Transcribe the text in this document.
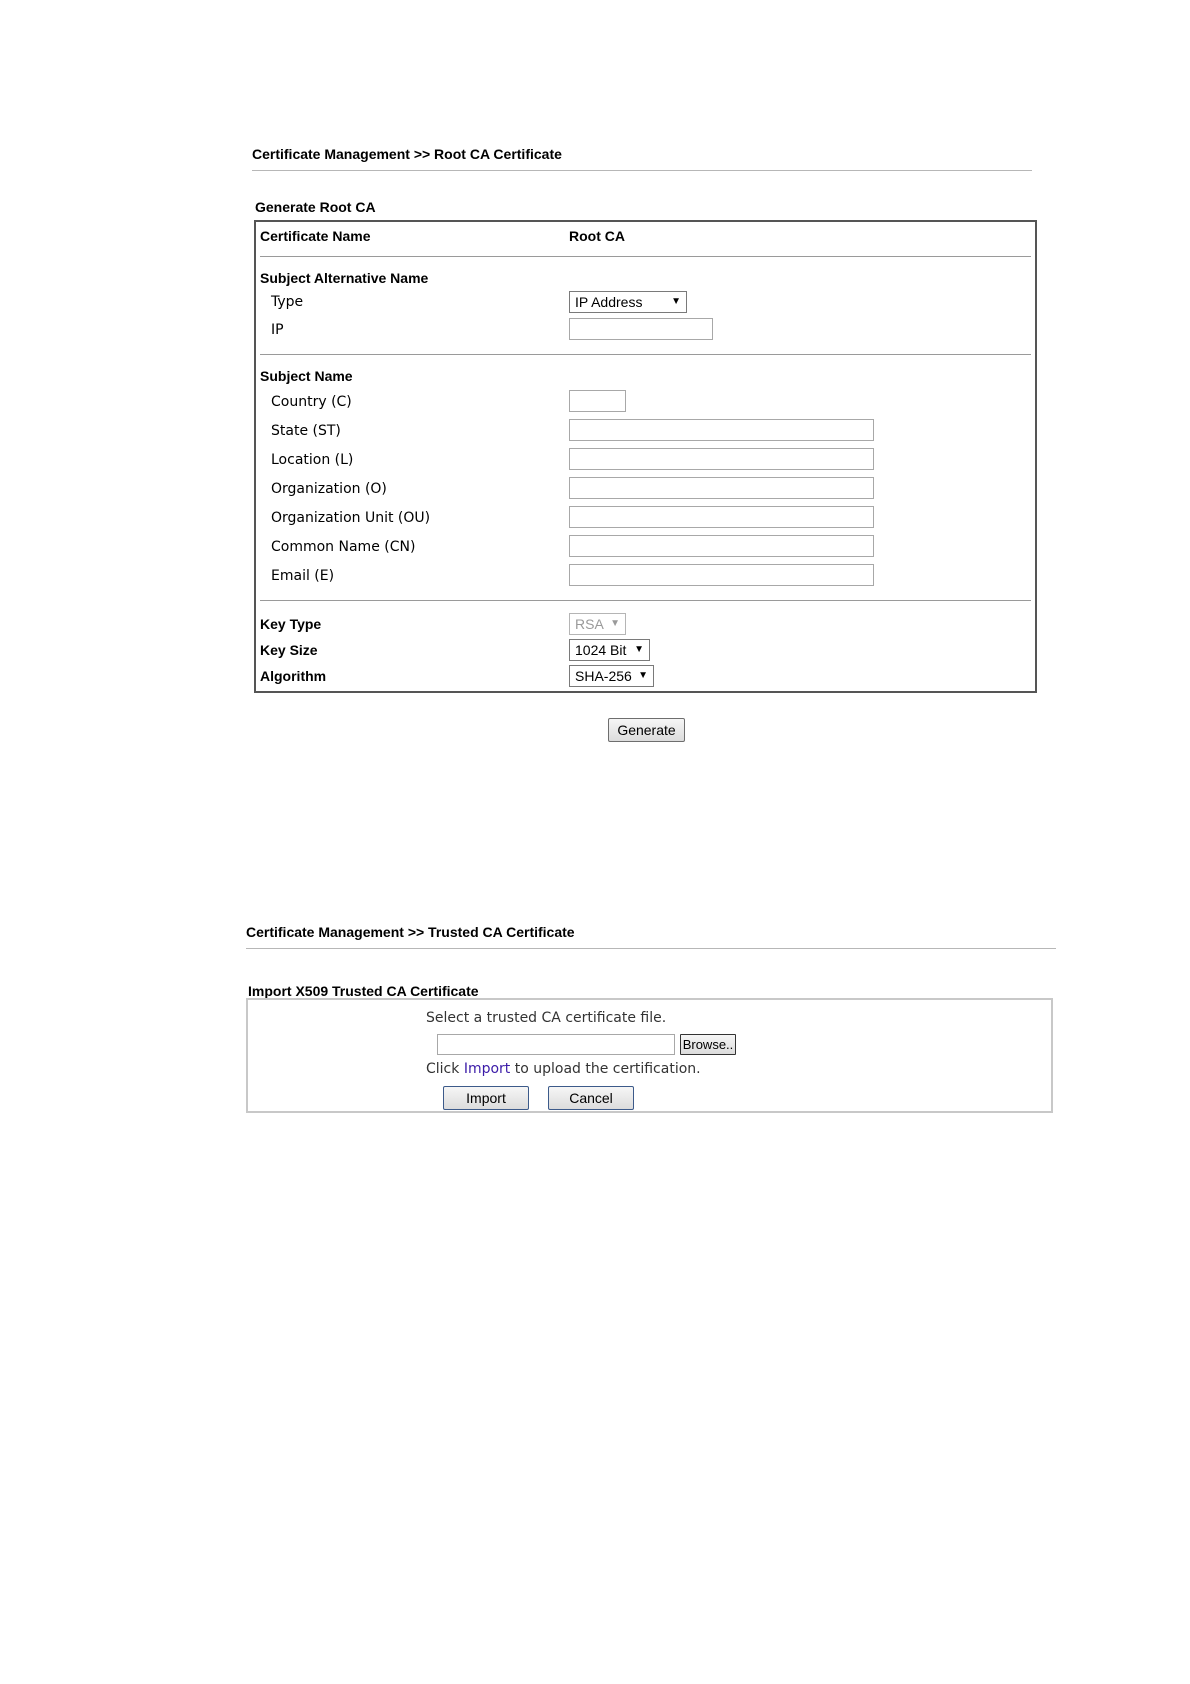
Certificate Management >> Root CA Certificate
Generate Root CA
Certificate Name	Root CA
Subject Alternative Name
Type	IP Address	▼
IP
Subject Name
Country (C)
State (ST)
Location (L)
Organization (O)
Organization Unit (OU)
Common Name (CN)
Email (E)
Key Type	RSA ▼
Key Size	1024 Bit ▼
Algorithm	SHA-256 ▼
Generate
Certificate Management >> Trusted CA Certificate
Import X509 Trusted CA Certificate
Select a trusted CA certificate file.
Browse..
Click Import to upload the certification.
Import	Cancel
